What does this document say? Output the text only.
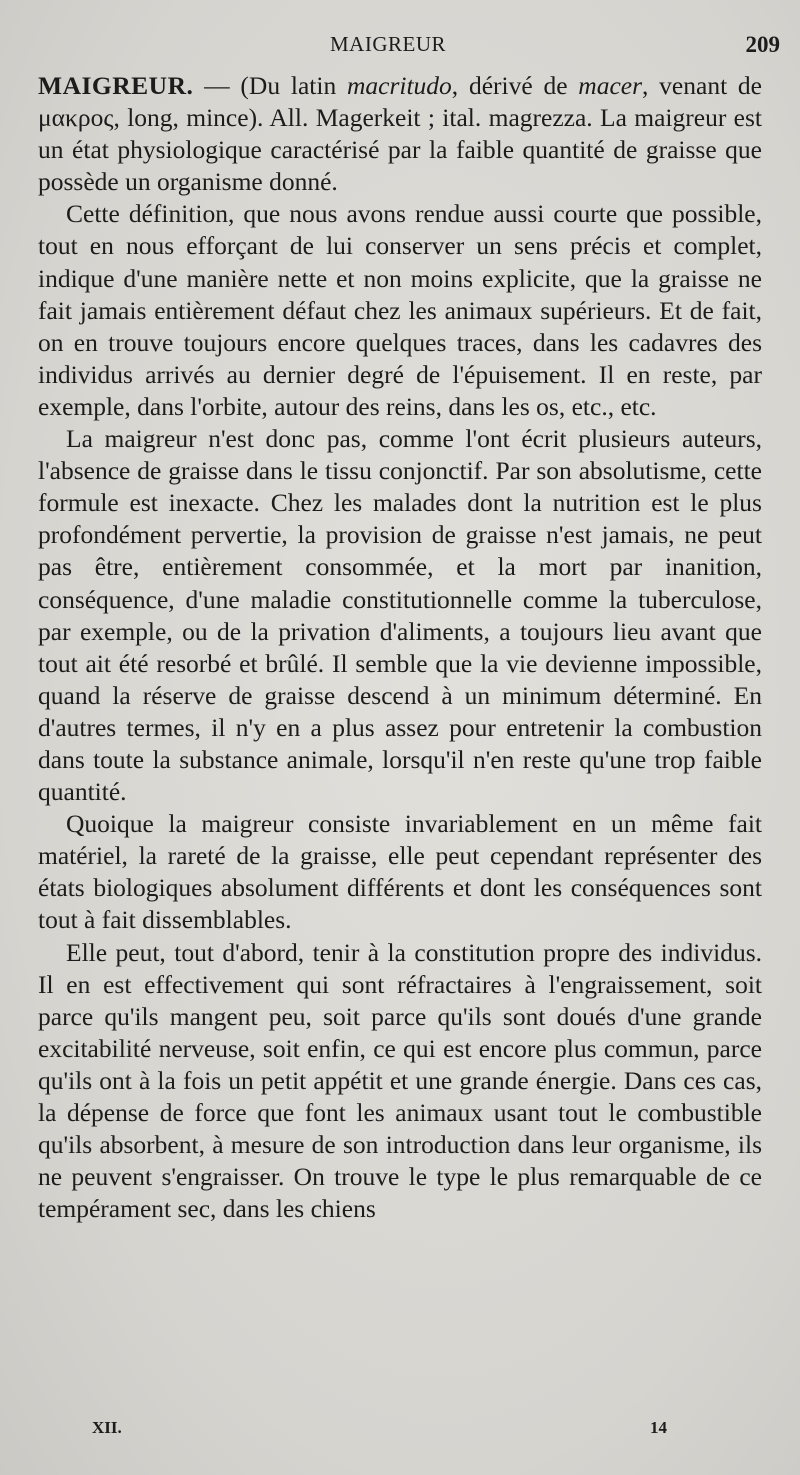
MAIGREUR	209

MAIGREUR. — (Du latin macritudo, dérivé de macer, venant de μακρος, long, mince). All. Magerkeit ; ital. magrezza. La maigreur est un état physiologique caractérisé par la faible quantité de graisse que possède un organisme donné.

Cette définition, que nous avons rendue aussi courte que possible, tout en nous efforçant de lui conserver un sens précis et complet, indique d'une manière nette et non moins explicite, que la graisse ne fait jamais entièrement défaut chez les animaux supérieurs. Et de fait, on en trouve toujours encore quelques traces, dans les cadavres des individus arrivés au dernier degré de l'épuisement. Il en reste, par exemple, dans l'orbite, autour des reins, dans les os, etc., etc.

La maigreur n'est donc pas, comme l'ont écrit plusieurs auteurs, l'absence de graisse dans le tissu conjonctif. Par son absolutisme, cette formule est inexacte. Chez les malades dont la nutrition est le plus profondément pervertie, la provision de graisse n'est jamais, ne peut pas être, entièrement consommée, et la mort par inanition, conséquence, d'une maladie constitutionnelle comme la tuberculose, par exemple, ou de la privation d'aliments, a toujours lieu avant que tout ait été resorbé et brûlé. Il semble que la vie devienne impossible, quand la réserve de graisse descend à un minimum déterminé. En d'autres termes, il n'y en a plus assez pour entretenir la combustion dans toute la substance animale, lorsqu'il n'en reste qu'une trop faible quantité.

Quoique la maigreur consiste invariablement en un même fait matériel, la rareté de la graisse, elle peut cependant représenter des états biologiques absolument différents et dont les conséquences sont tout à fait dissemblables.

Elle peut, tout d'abord, tenir à la constitution propre des individus. Il en est effectivement qui sont réfractaires à l'engraissement, soit parce qu'ils mangent peu, soit parce qu'ils sont doués d'une grande excitabilité nerveuse, soit enfin, ce qui est encore plus commun, parce qu'ils ont à la fois un petit appétit et une grande énergie. Dans ces cas, la dépense de force que font les animaux usant tout le combustible qu'ils absorbent, à mesure de son introduction dans leur organisme, ils ne peuvent s'engraisser. On trouve le type le plus remarquable de ce tempérament sec, dans les chiens

XII.	14
